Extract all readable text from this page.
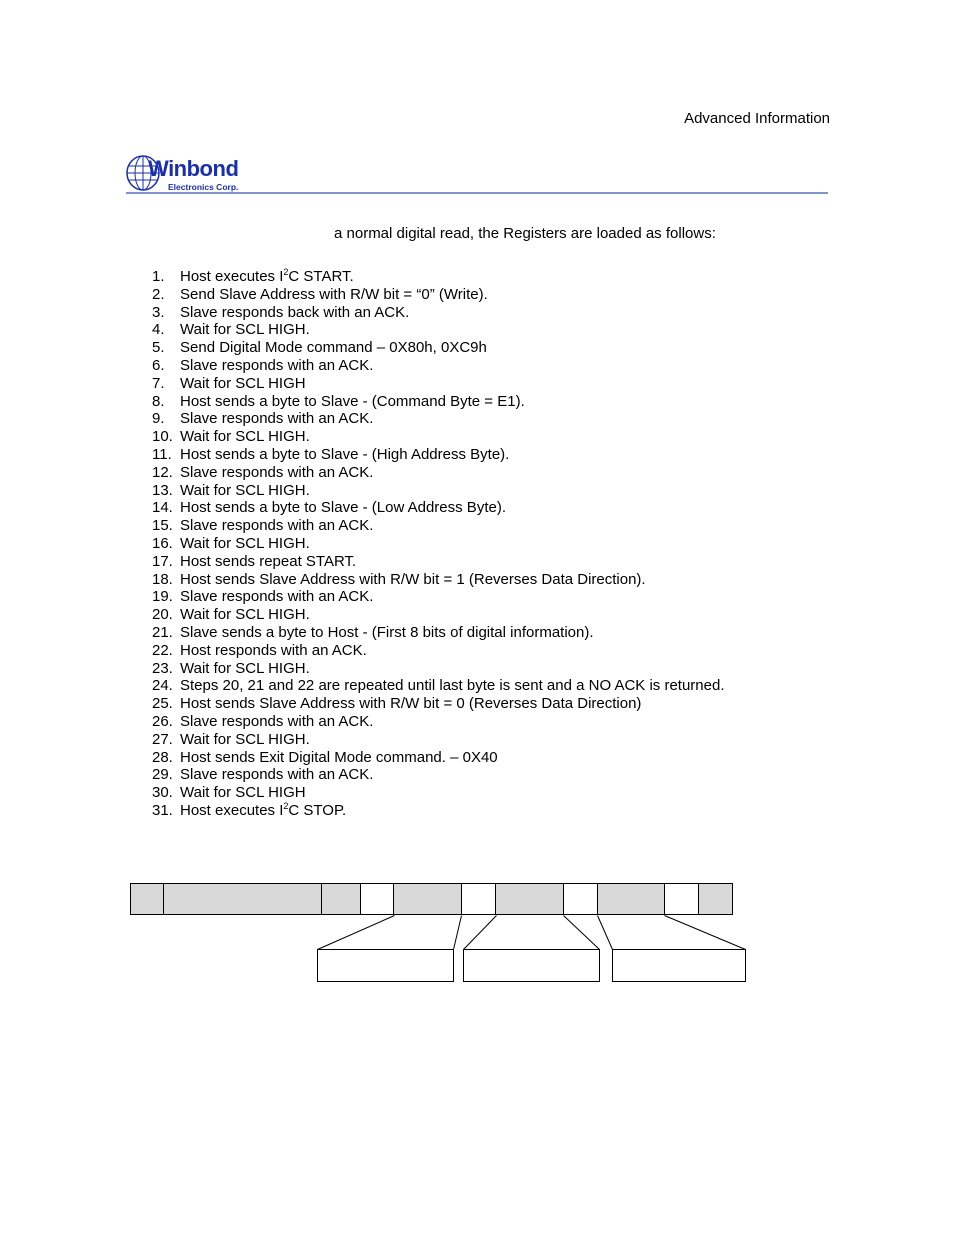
Advanced Information
Winbond
Electronics Corp.
a normal digital read, the Registers are loaded as follows:
1. Host executes $I^2C$ START.
2. Send Slave Address with R/W bit = “0” (Write).
3. Slave responds back with an ACK.
4. Wait for SCL HIGH.
5. Send Digital Mode command – 0X80h, 0XC9h
6. Slave responds with an ACK.
7. Wait for SCL HIGH
8. Host sends a byte to Slave - (Command Byte = E1).
9. Slave responds with an ACK.
10. Wait for SCL HIGH.
11. Host sends a byte to Slave - (High Address Byte).
12. Slave responds with an ACK.
13. Wait for SCL HIGH.
14. Host sends a byte to Slave - (Low Address Byte).
15. Slave responds with an ACK.
16. Wait for SCL HIGH.
17. Host sends repeat START.
18. Host sends Slave Address with R/W bit = 1 (Reverses Data Direction).
19. Slave responds with an ACK.
20. Wait for SCL HIGH.
21. Slave sends a byte to Host - (First 8 bits of digital information).
22. Host responds with an ACK.
23. Wait for SCL HIGH.
24. Steps 20, 21 and 22 are repeated until last byte is sent and a NO ACK is returned.
25. Host sends Slave Address with R/W bit = 0 (Reverses Data Direction)
26. Slave responds with an ACK.
27. Wait for SCL HIGH.
28. Host sends Exit Digital Mode command. – 0X40
29. Slave responds with an ACK.
30. Wait for SCL HIGH
31. Host executes $I^2C$ STOP.
